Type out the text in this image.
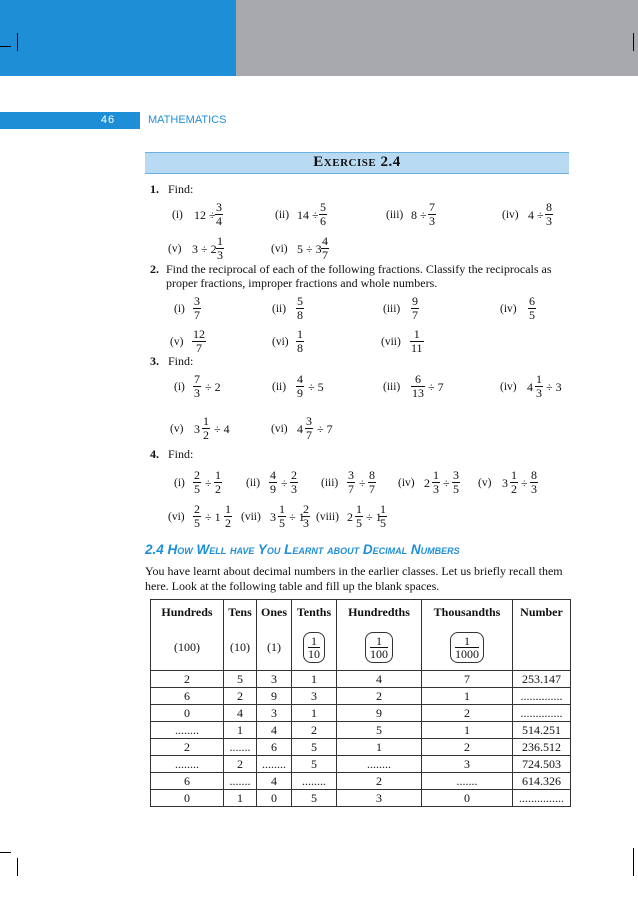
46	MATHEMATICS
Exercise 2.4
1. Find:
(i) $12 \div \frac{3}{4}$	(ii) $14 \div \frac{5}{6}$	(iii) $8 \div \frac{7}{3}$	(iv) $4 \div \frac{8}{3}$
(v) $3 \div 2 \frac{1}{3}$	(vi) $5 \div 3 \frac{4}{7}$
2. Find the reciprocal of each of the following fractions. Classify the reciprocals as
proper fractions, improper fractions and whole numbers.
$(i) \frac{3}{7}$	$(ii) \frac{5}{8}$	$(iii) \frac{9}{7}$	$(iv) \frac{6}{5}$
$(v) \frac{12}{7}$	$(vi) \frac{1}{8}$	$(vii) \frac{1}{11}$
3. Find:
$(i) \frac{7}{3} \div 2$	$(ii) \frac{4}{9} \div 5$	$(iii) \frac{6}{13} \div 7$	(iv) $4 \frac{1}{3} \div 3$
(v) $3 \frac{1}{2} \div 4$	(vi) $4 \frac{3}{7} \div 7$
4. Find:
$(i) \frac{2}{5} \div \frac{1}{2} (ii) \frac{4}{9} \div \frac{2}{3} (iii) \frac{3}{7} \div \frac{8}{7} (iv)$ $2 \frac{1}{3} \div \frac{3}{5} (v)$ $3 \frac{1}{2} \div \frac{8}{3}$
$(vi) \frac{2}{5} \div 1 \frac{1}{2} (vii)$ $3 \frac{1}{5} \div 1$
$\frac{2}{3}$ (viii) $2 \frac{1}{5} \div 1$
$\frac{1}{5}$
2.4 How Well have You Learnt about Decimal Numbers
You have learnt about decimal numbers in the earlier classes. Let us briefly recall them
here. Look at the following table and fill up the blank spaces.
Hundreds	Tens	Ones	Tenths	Hundredths	Thousandths	Number
(100)	(10)	(1)	$\frac{1}{10}$	$\frac{1}{100}$	$\frac{1}{1000}$

2	5	3	1	4	7	253.147
6	2	9	3	2	1	..............
0	4	3	1	9	2	..............
........	1	4	2	5	1	514.251
2	.......	6	5	1	2	236.512
........	2	........	5	........	3	724.503
6	.......	4	........	2	.......	614.326
0	1	0	5	3	0	...............
